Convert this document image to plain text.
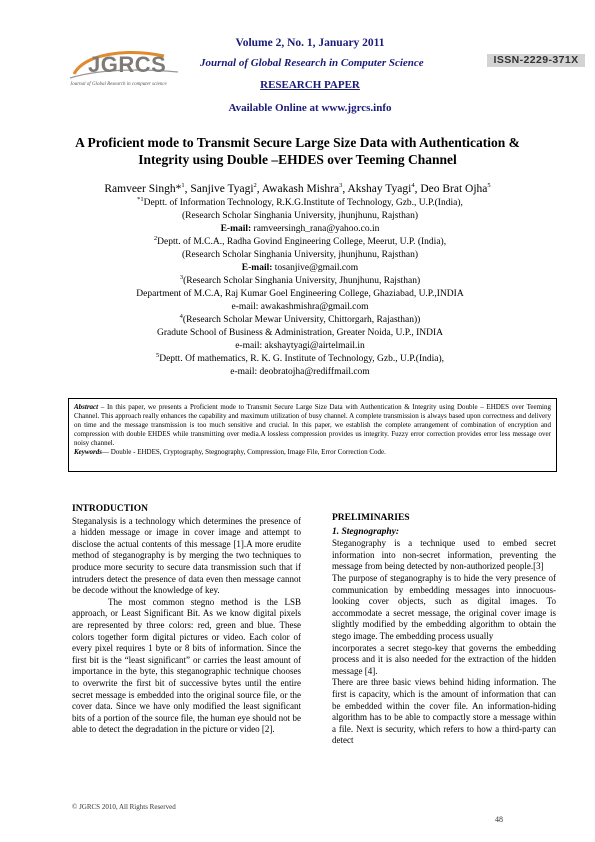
JGRCS
Journal of Global Research in computer science
Volume 2, No. 1, January 2011
Journal of Global Research in Computer Science
RESEARCH PAPER
Available Online at www.jgrcs.info
ISSN-2229-371X
A Proficient mode to Transmit Secure Large Size Data with Authentication & Integrity using Double –EHDES over Teeming Channel
Ramveer Singh*$^1$, Sanjive Tyagi$^2$, Awakash Mishra$^3$, Akshay Tyagi$^4$, Deo Brat Ojha$^5$

$^{*1}$Deptt. of Information Technology, R.K.G.Institute of Technology, Gzb., U.P.(India),

(Research Scholar Singhania University, jhunjhunu, Rajsthan)

E-mail: ramveersingh_rana@yahoo.co.in

$^2$Deptt. of M.C.A., Radha Govind Engineering College, Meerut, U.P. (India),

(Research Scholar Singhania University, jhunjhunu, Rajsthan)

E-mail: tosanjive@gmail.com

$^3$(Research Scholar Singhania University, Jhunjhunu, Rajsthan)

Department of M.C.A, Raj Kumar Goel Engineering College, Ghaziabad, U.P.,INDIA

e-mail: awakashmishra@gmail.com

$^4$(Research Scholar Mewar University, Chittorgarh, Rajasthan))

Gradute School of Business & Administration, Greater Noida, U.P., INDIA

e-mail: akshaytyagi@airtelmail.in

$^5$Deptt. Of mathematics, R. K. G. Institute of Technology, Gzb., U.P.(India),

e-mail: deobratojha@rediffmail.com

Abstract – In this paper, we presents a Proficient mode to Transmit Secure Large Size Data with Authentication & Integrity using Double – EHDES over Teeming Channel. This approach really enhances the capability and maximum utilization of busy channel. A complete transmission is always based upon correctness and delivery on time and the message transmission is too much sensitive and crucial. In this paper, we establish the complete arrangement of combination of encryption and compression with double EHDES while transmitting over media.A lossless compression provides us integrity. Fuzzy error correction provides error less message over noisy channel.

Keywords— Double - EHDES, Cryptography, Stegnography, Compression, Image File, Error Correction Code.

INTRODUCTION

Steganalysis is a technology which determines the presence of a hidden message or image in cover image and attempt to disclose the actual contents of this message [1].A more erudite method of steganography is by merging the two techniques to produce more security to secure data transmission such that if intruders detect the presence of data even then message cannot be decode without the knowledge of key.

The most common stegno method is the LSB approach, or Least Significant Bit. As we know digital pixels are represented by three colors: red, green and blue. These colors together form digital pictures or video. Each color of every pixel requires 1 byte or 8 bits of information. Since the first bit is the “least significant” or carries the least amount of importance in the byte, this steganographic technique chooses to overwrite the first bit of successive bytes until the entire secret message is embedded into the original source file, or the cover data. Since we have only modified the least significant bits of a portion of the source file, the human eye should not be able to detect the degradation in the picture or video [2].

PRELIMINARIES
1. Stegnography:

Steganography is a technique used to embed secret information into non-secret information, preventing the message from being detected by non-authorized people.[3]

The purpose of steganography is to hide the very presence of communication by embedding messages into innocuous-looking cover objects, such as digital images. To accommodate a secret message, the original cover image is slightly modified by the embedding algorithm to obtain the stego image. The embedding process usually

incorporates a secret stego-key that governs the embedding process and it is also needed for the extraction of the hidden message [4].

There are three basic views behind hiding information. The first is capacity, which is the amount of information that can be embedded within the cover file. An information-hiding algorithm has to be able to compactly store a message within a file. Next is security, which refers to how a third-party can detect

© JGRCS 2010, All Rights Reserved
48
